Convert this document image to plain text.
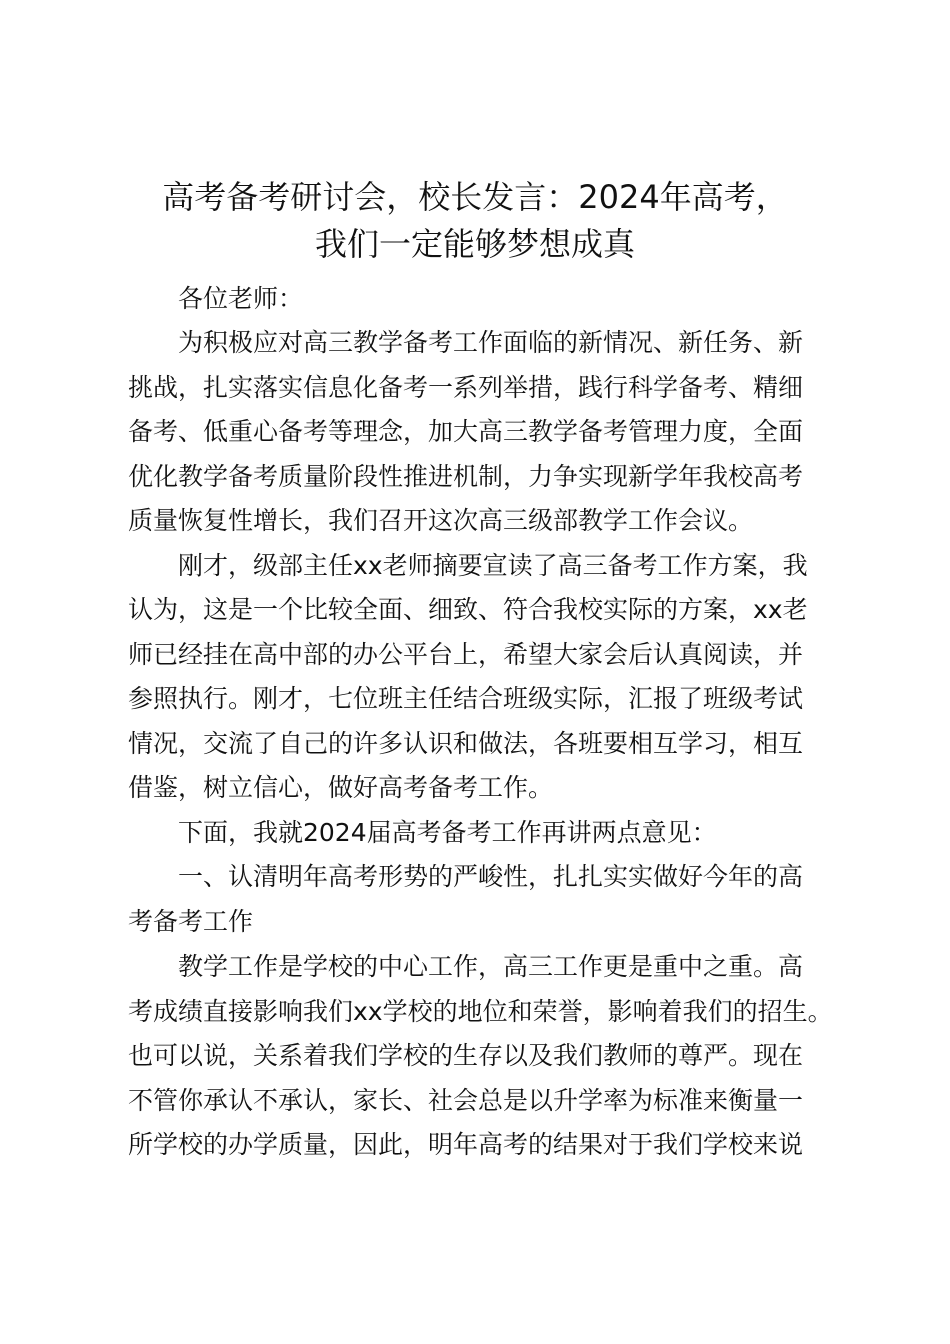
高考备考研讨会，校长发言：2024年高考，
我们一定能够梦想成真
各位老师：
为积极应对高三教学备考工作面临的新情况、新任务、新
挑战，扎实落实信息化备考一系列举措，践行科学备考、精细
备考、低重心备考等理念，加大高三教学备考管理力度，全面
优化教学备考质量阶段性推进机制，力争实现新学年我校高考
质量恢复性增长，我们召开这次高三级部教学工作会议。
刚才，级部主任xx老师摘要宣读了高三备考工作方案，我
认为，这是一个比较全面、细致、符合我校实际的方案，xx老
师已经挂在高中部的办公平台上，希望大家会后认真阅读，并
参照执行。刚才，七位班主任结合班级实际，汇报了班级考试
情况，交流了自己的许多认识和做法，各班要相互学习，相互
借鉴，树立信心，做好高考备考工作。
下面，我就2024届高考备考工作再讲两点意见：
一、认清明年高考形势的严峻性，扎扎实实做好今年的高
考备考工作
教学工作是学校的中心工作，高三工作更是重中之重。高
考成绩直接影响我们xx学校的地位和荣誉，影响着我们的招生。
也可以说，关系着我们学校的生存以及我们教师的尊严。现在
不管你承认不承认，家长、社会总是以升学率为标准来衡量一
所学校的办学质量，因此，明年高考的结果对于我们学校来说
